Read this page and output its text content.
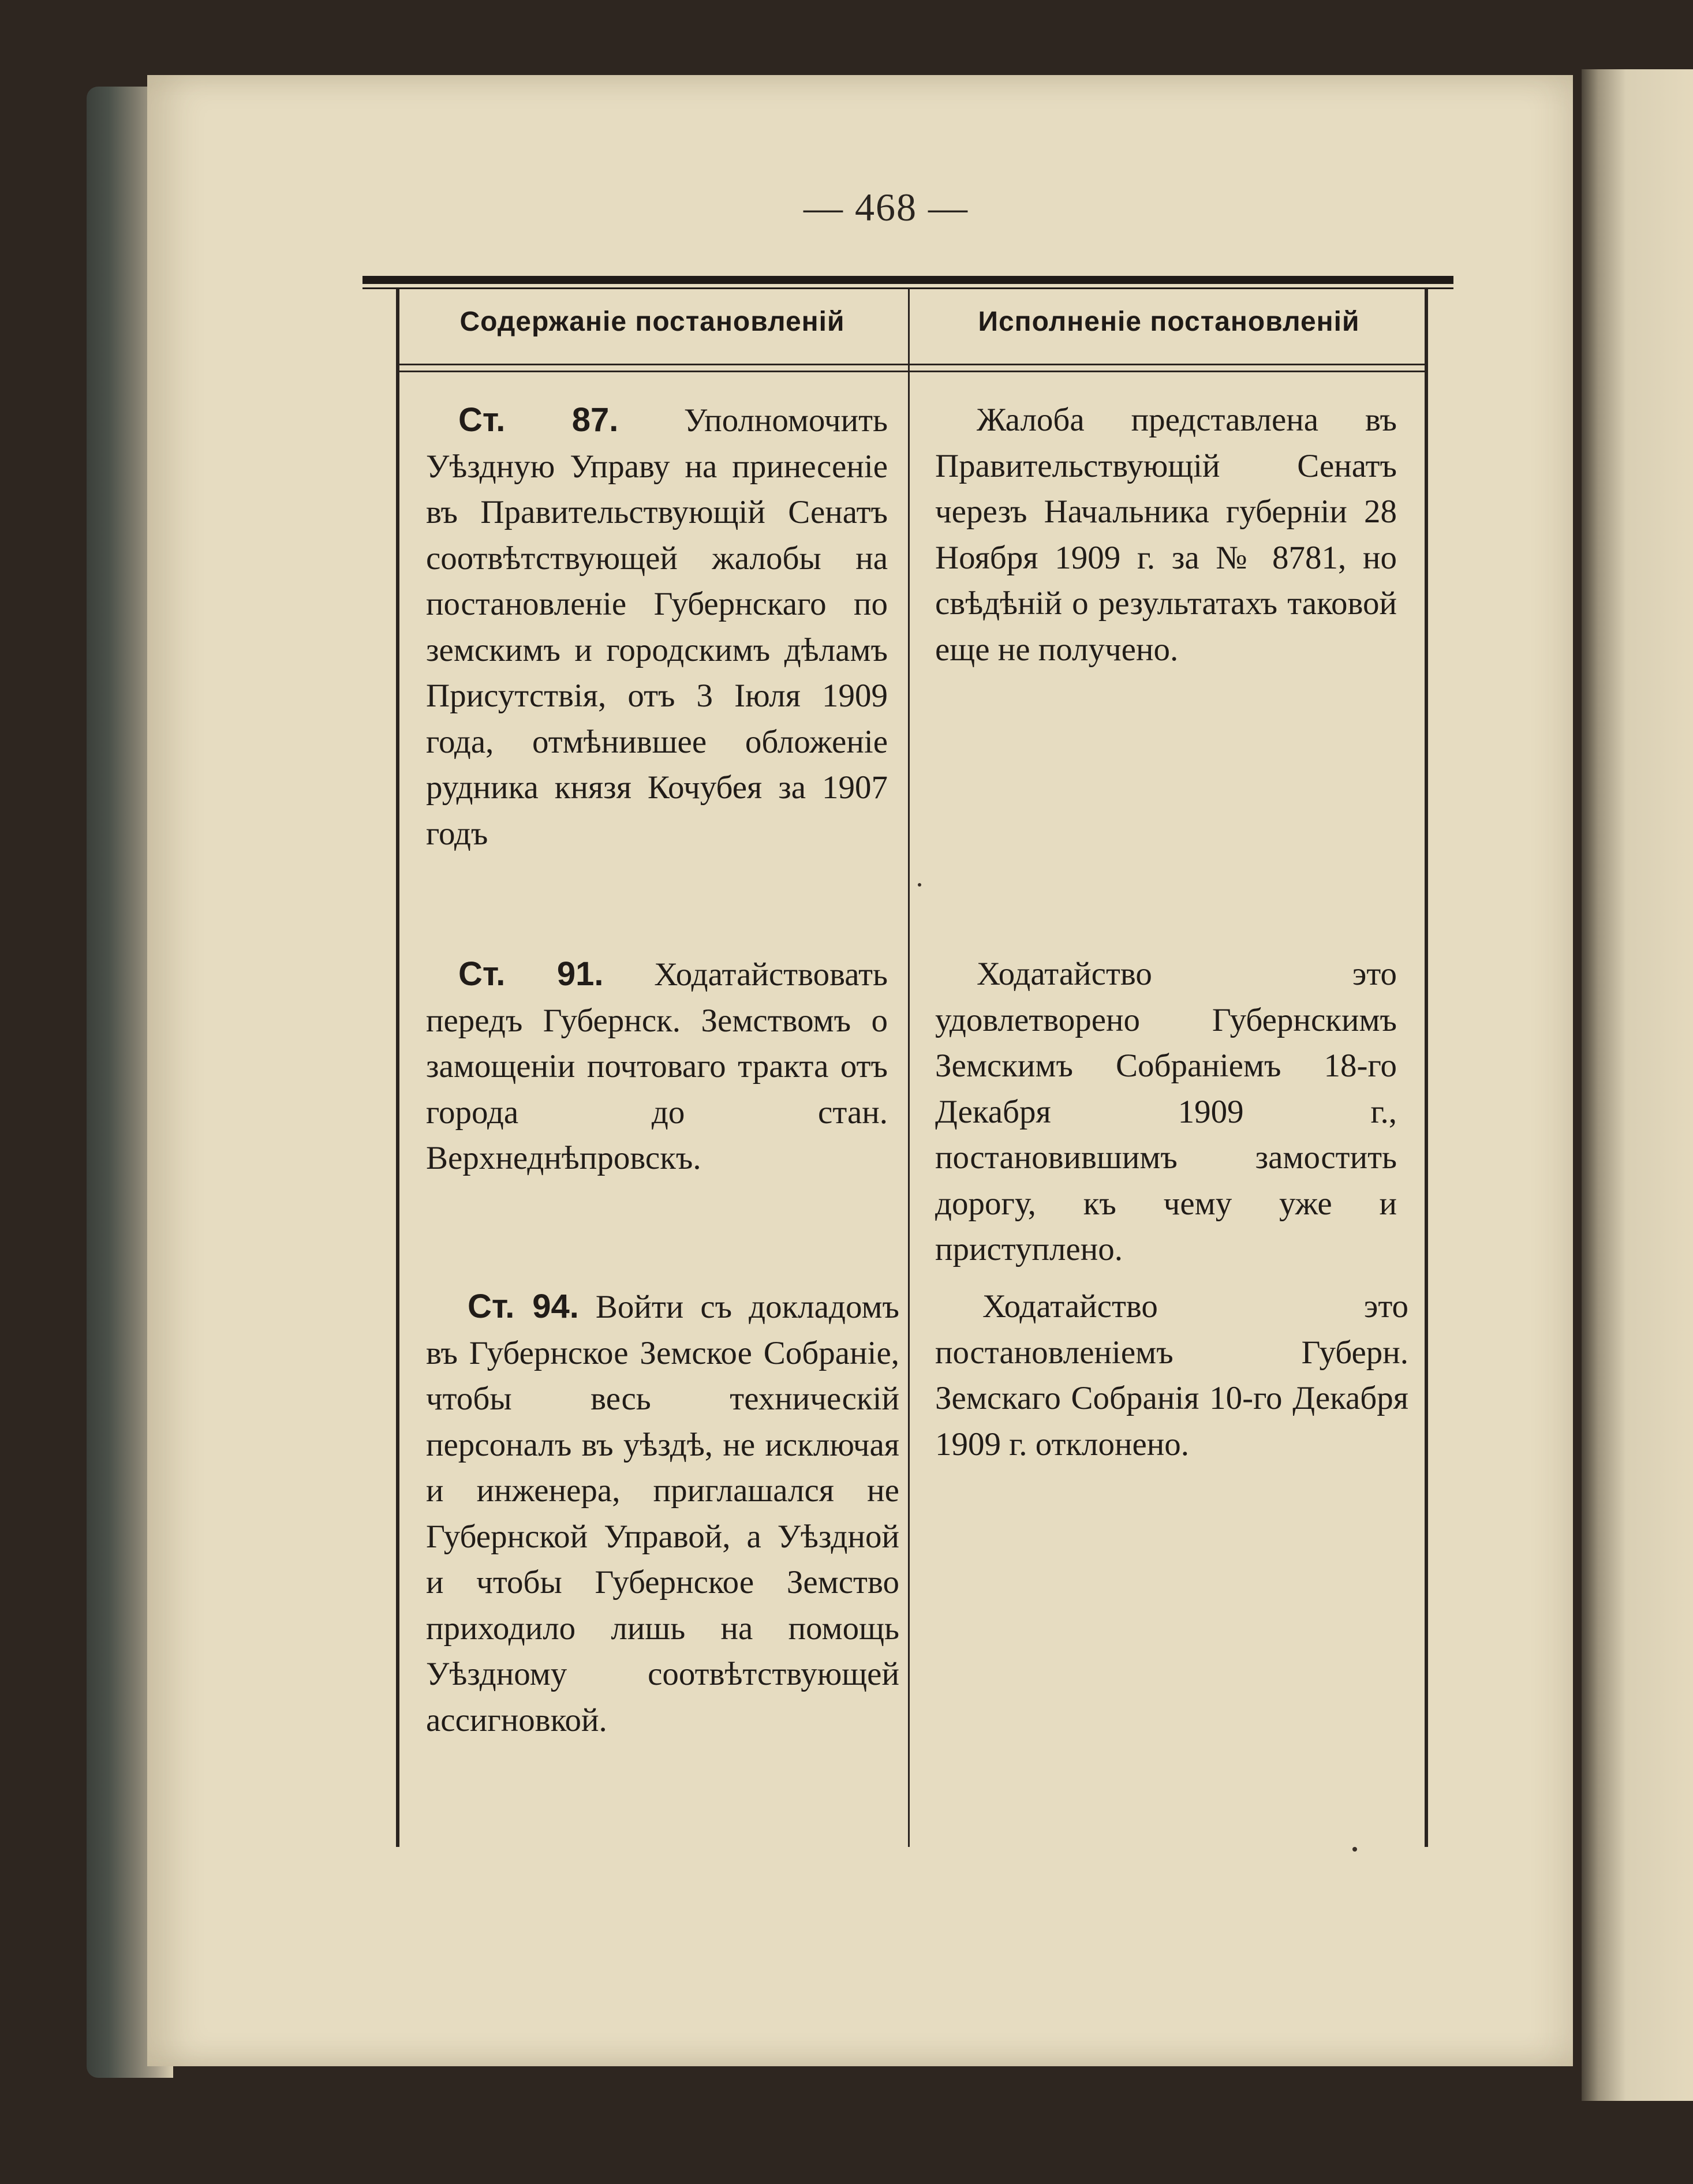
— 468 —
Содержаніе постановленій	Исполненіе постановленій
Ст. 87. Уполномочить Уѣздную Управу на принесеніе въ Правительствующій Сенатъ соотвѣтствующей жалобы на постановленіе Губернскаго по земскимъ и городскимъ дѣламъ Присутствія, отъ 3 Іюля 1909 года, отмѣнившее обложеніе рудника князя Кочубея за 1907 годъ
Жалоба представлена въ Правительствующій Сенатъ черезъ Начальника губерніи 28 Ноября 1909 г. за № 8781, но свѣдѣній о результатахъ таковой еще не получено.
Ст. 91. Ходатайствовать передъ Губернск. Земствомъ о замощеніи почтоваго тракта отъ города до стан. Верхнеднѣпровскъ.
Ходатайство это удовлетворено Губернскимъ Земскимъ Собраніемъ 18-го Декабря 1909 г., постановившимъ замостить дорогу, къ чему уже и приступлено.
Ст. 94. Войти съ докладомъ въ Губернское Земское Собраніе, чтобы весь техническій персоналъ въ уѣздѣ, не исключая и инженера, приглашался не Губернской Управой, а Уѣздной и чтобы Губернское Земство приходило лишь на помощь Уѣздному соотвѣтствующей ассигновкой.
Ходатайство это постановленіемъ Губерн. Земскаго Собранія 10-го Декабря 1909 г. отклонено.
